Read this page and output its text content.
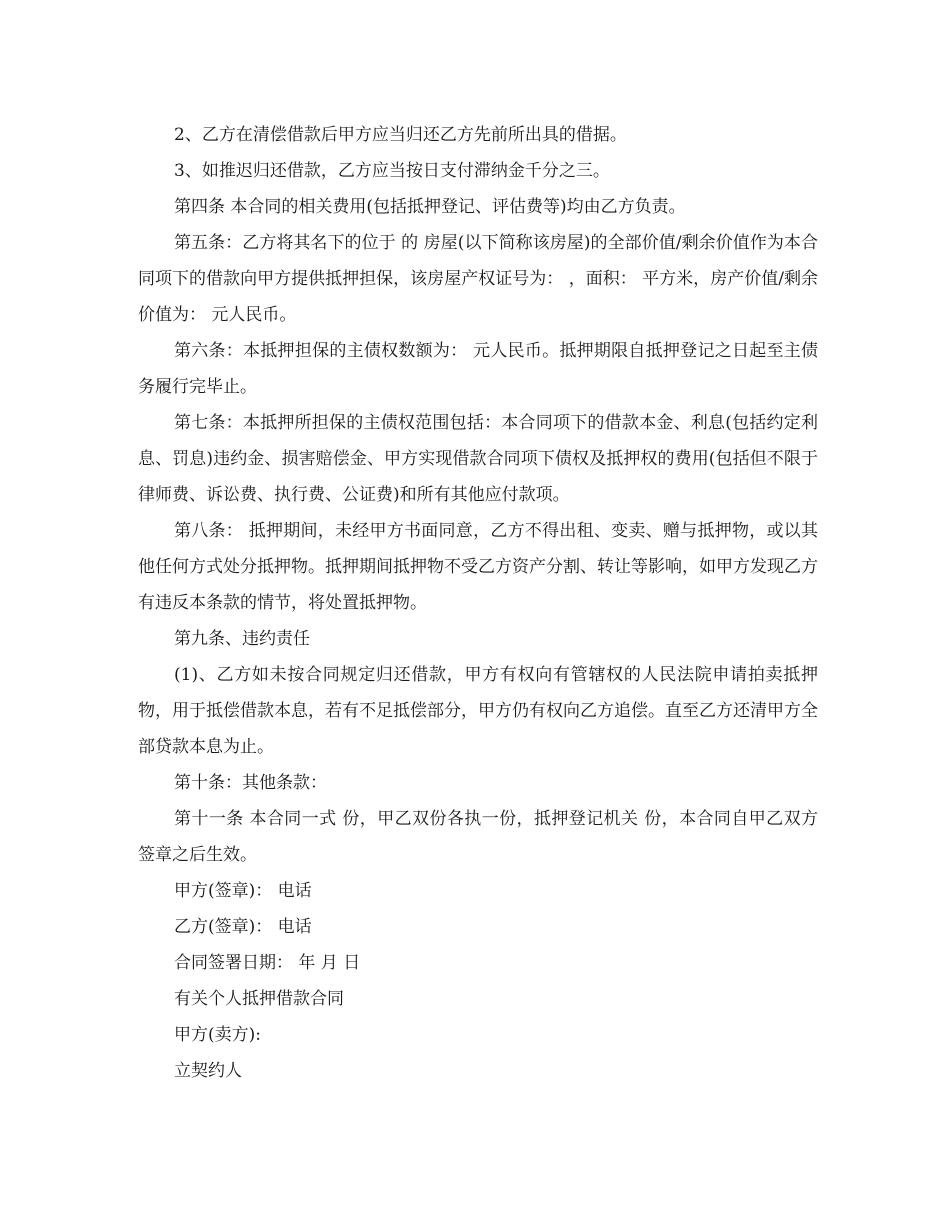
2、乙方在清偿借款后甲方应当归还乙方先前所出具的借据。

3、如推迟归还借款，乙方应当按日支付滞纳金千分之三。

第四条 本合同的相关费用(包括抵押登记、评估费等)均由乙方负责。

第五条：乙方将其名下的位于 的 房屋(以下简称该房屋)的全部价值/剩余价值作为本合同项下的借款向甲方提供抵押担保，该房屋产权证号为： ，面积： 平方米，房产价值/剩余价值为： 元人民币。

第六条：本抵押担保的主债权数额为： 元人民币。抵押期限自抵押登记之日起至主债务履行完毕止。

第七条：本抵押所担保的主债权范围包括：本合同项下的借款本金、利息(包括约定利息、罚息)违约金、损害赔偿金、甲方实现借款合同项下债权及抵押权的费用(包括但不限于律师费、诉讼费、执行费、公证费)和所有其他应付款项。

第八条： 抵押期间，未经甲方书面同意，乙方不得出租、变卖、赠与抵押物，或以其他任何方式处分抵押物。抵押期间抵押物不受乙方资产分割、转让等影响，如甲方发现乙方有违反本条款的情节，将处置抵押物。

第九条、违约责任

(1)、乙方如未按合同规定归还借款，甲方有权向有管辖权的人民法院申请拍卖抵押物，用于抵偿借款本息，若有不足抵偿部分，甲方仍有权向乙方追偿。直至乙方还清甲方全部贷款本息为止。

第十条：其他条款：

第十一条 本合同一式 份，甲乙双份各执一份，抵押登记机关 份，本合同自甲乙双方签章之后生效。

甲方(签章)： 电话

乙方(签章)： 电话

合同签署日期： 年 月 日

有关个人抵押借款合同

甲方(卖方):

立契约人
